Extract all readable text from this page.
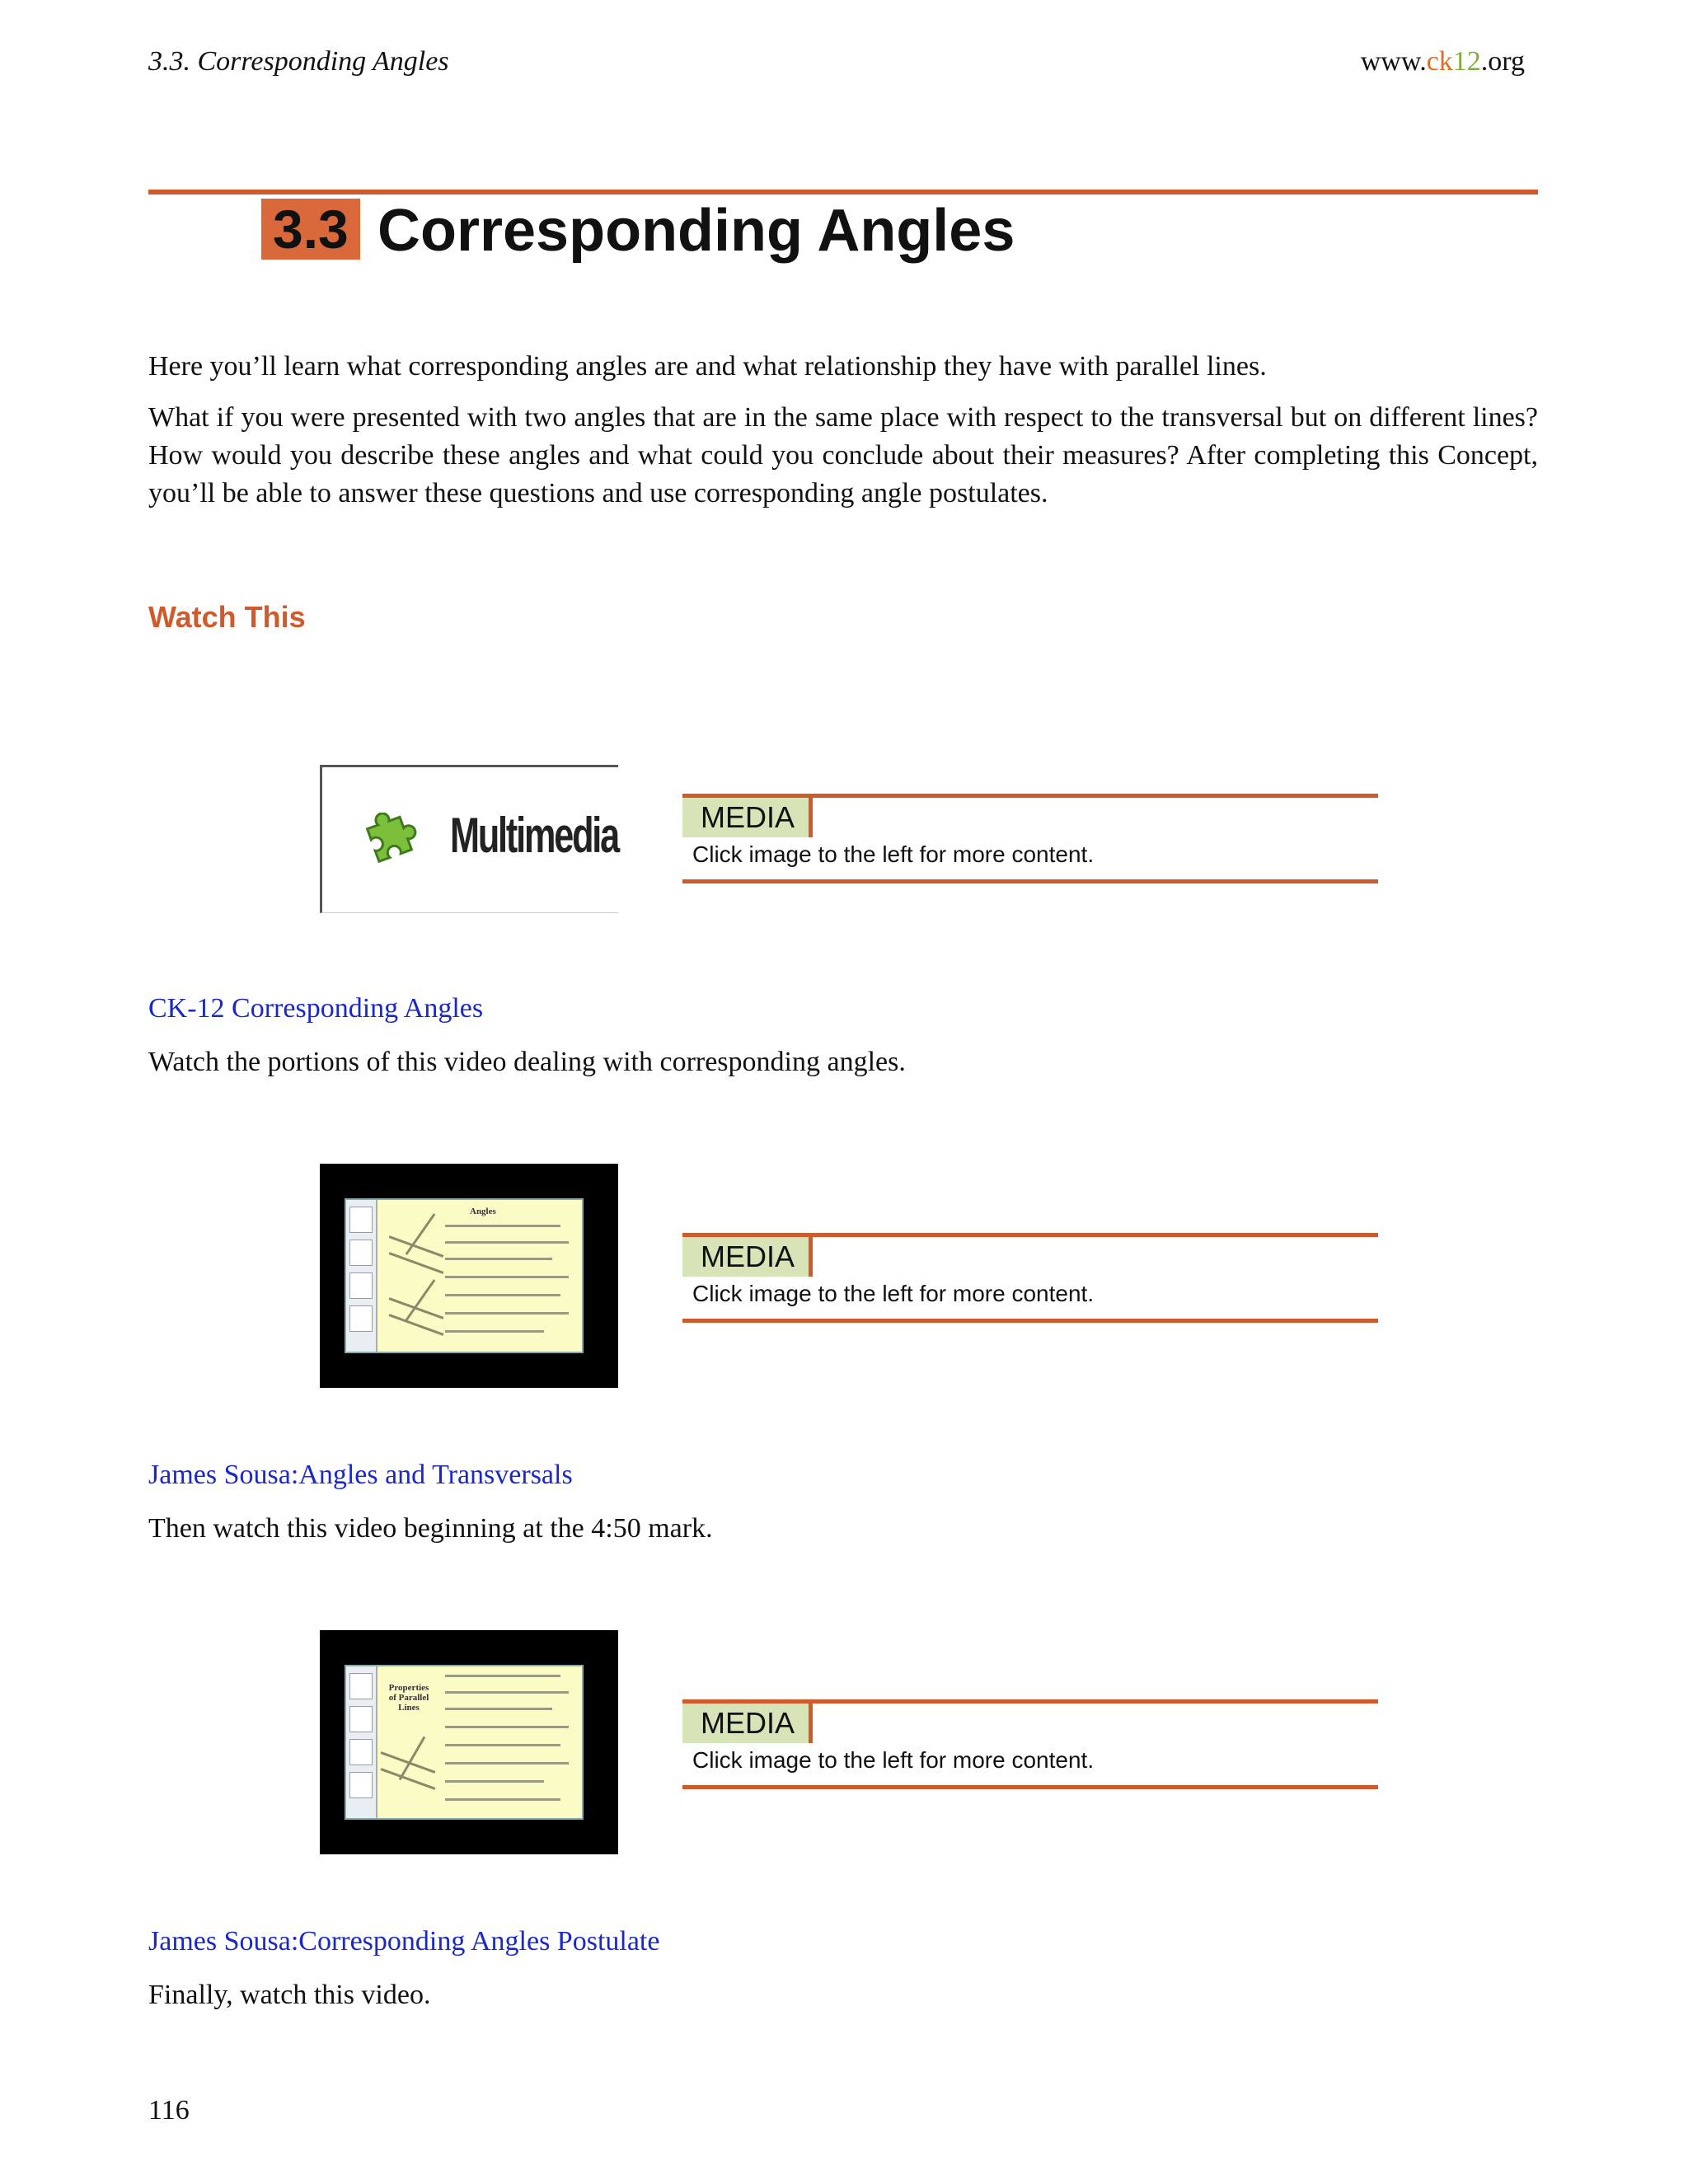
3.3. Corresponding Angles	www.ck12.org
3.3 Corresponding Angles
Here you’ll learn what corresponding angles are and what relationship they have with parallel lines.
What if you were presented with two angles that are in the same place with respect to the transversal but on different lines? How would you describe these angles and what could you conclude about their measures? After completing this Concept, you’ll be able to answer these questions and use corresponding angle postulates.
Watch This
Multimedia	MEDIA
Click image to the left for more content.
CK-12 Corresponding Angles
Watch the portions of this video dealing with corresponding angles.
Angles
MEDIA
Click image to the left for more content.
James Sousa:Angles and Transversals
Then watch this video beginning at the 4:50 mark.
Properties of Parallel Lines	MEDIA
Click image to the left for more content.
James Sousa:Corresponding Angles Postulate
Finally, watch this video.
116
